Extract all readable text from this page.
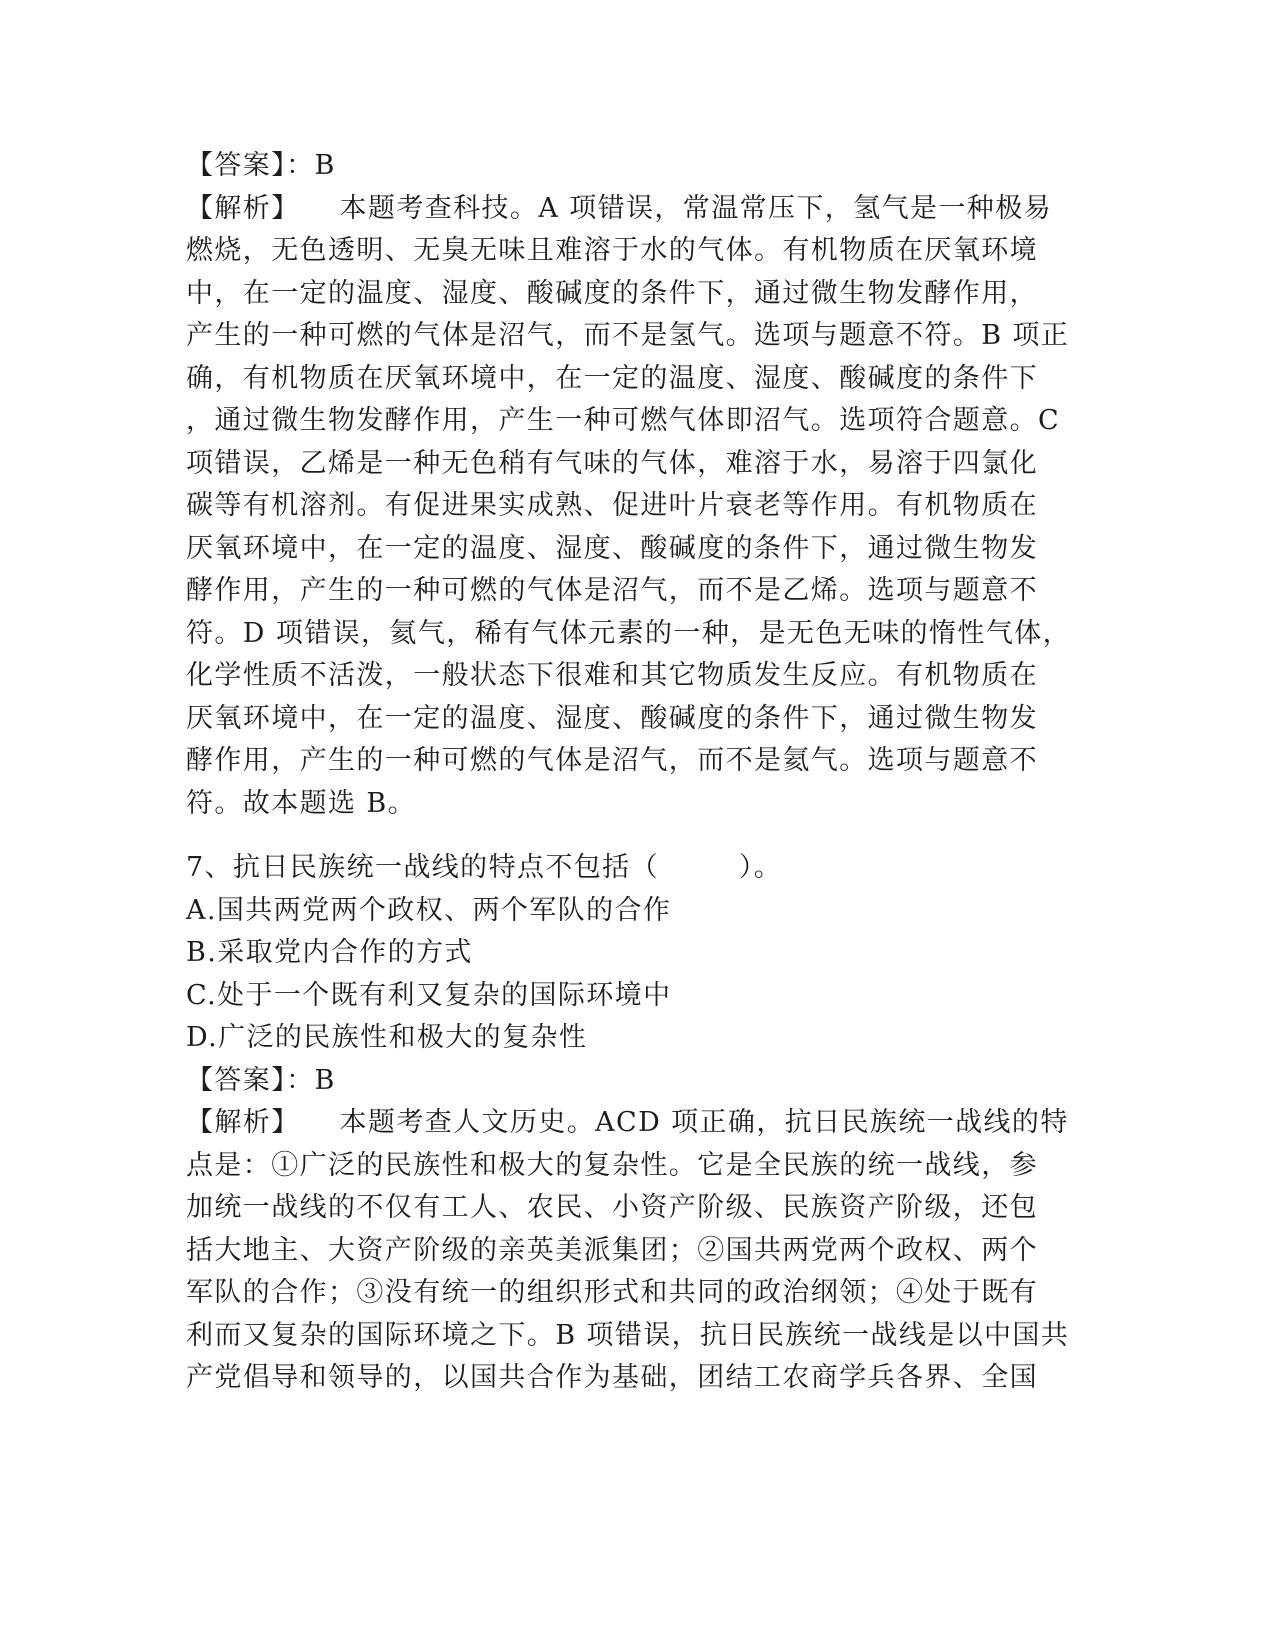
【答案】：B
【解析】    本题考查科技。A 项错误，常温常压下，氢气是一种极易
燃烧，无色透明、无臭无味且难溶于水的气体。有机物质在厌氧环境
中，在一定的温度、湿度、酸碱度的条件下，通过微生物发酵作用，
产生的一种可燃的气体是沼气，而不是氢气。选项与题意不符。B 项正
确，有机物质在厌氧环境中，在一定的温度、湿度、酸碱度的条件下
，通过微生物发酵作用，产生一种可燃气体即沼气。选项符合题意。C
项错误，乙烯是一种无色稍有气味的气体，难溶于水，易溶于四氯化
碳等有机溶剂。有促进果实成熟、促进叶片衰老等作用。有机物质在
厌氧环境中，在一定的温度、湿度、酸碱度的条件下，通过微生物发
酵作用，产生的一种可燃的气体是沼气，而不是乙烯。选项与题意不
符。D 项错误，氦气，稀有气体元素的一种，是无色无味的惰性气体，
化学性质不活泼，一般状态下很难和其它物质发生反应。有机物质在
厌氧环境中，在一定的温度、湿度、酸碱度的条件下，通过微生物发
酵作用，产生的一种可燃的气体是沼气，而不是氦气。选项与题意不
符。故本题选 B。
7、抗日民族统一战线的特点不包括（        ）。
A.国共两党两个政权、两个军队的合作
B.采取党内合作的方式
C.处于一个既有利又复杂的国际环境中
D.广泛的民族性和极大的复杂性
【答案】：B
【解析】    本题考查人文历史。ACD 项正确，抗日民族统一战线的特
点是：①广泛的民族性和极大的复杂性。它是全民族的统一战线，参
加统一战线的不仅有工人、农民、小资产阶级、民族资产阶级，还包
括大地主、大资产阶级的亲英美派集团；②国共两党两个政权、两个
军队的合作；③没有统一的组织形式和共同的政治纲领；④处于既有
利而又复杂的国际环境之下。B 项错误，抗日民族统一战线是以中国共
产党倡导和领导的，以国共合作为基础，团结工农商学兵各界、全国
